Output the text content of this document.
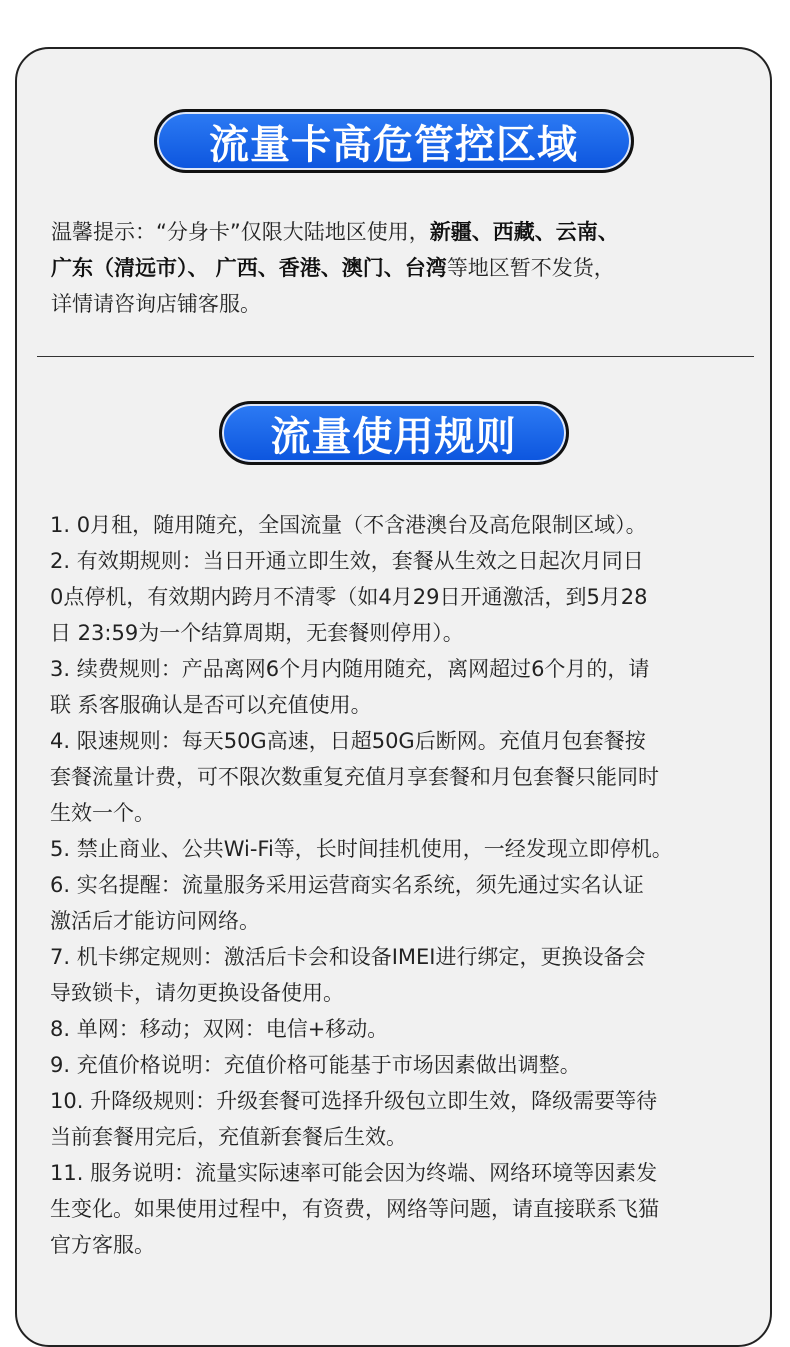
流量卡高危管控区域
温馨提示：“分身卡”仅限大陆地区使用，新疆、西藏、云南、
广东（清远市）、 广西、香港、澳门、台湾等地区暂不发货，
详情请咨询店铺客服。
流量使用规则
1. 0月租，随用随充，全国流量（不含港澳台及高危限制区域）。
2. 有效期规则：当日开通立即生效，套餐从生效之日起次月同日
0点停机，有效期内跨月不清零（如4月29日开通激活，到5月28
日 23:59为一个结算周期，无套餐则停用）。
3. 续费规则：产品离网6个月内随用随充，离网超过6个月的，请
联 系客服确认是否可以充值使用。
4. 限速规则：每天50G高速，日超50G后断网。充值月包套餐按
套餐流量计费，可不限次数重复充值月享套餐和月包套餐只能同时
生效一个。
5. 禁止商业、公共Wi-Fi等，长时间挂机使用，一经发现立即停机。
6. 实名提醒：流量服务采用运营商实名系统，须先通过实名认证
激活后才能访问网络。
7. 机卡绑定规则：激活后卡会和设备IMEI进行绑定，更换设备会
导致锁卡，请勿更换设备使用。
8. 单网：移动；双网：电信+移动。
9. 充值价格说明：充值价格可能基于市场因素做出调整。
10. 升降级规则：升级套餐可选择升级包立即生效，降级需要等待
当前套餐用完后，充值新套餐后生效。
11. 服务说明：流量实际速率可能会因为终端、网络环境等因素发
生变化。如果使用过程中，有资费，网络等问题，请直接联系飞猫
官方客服。
